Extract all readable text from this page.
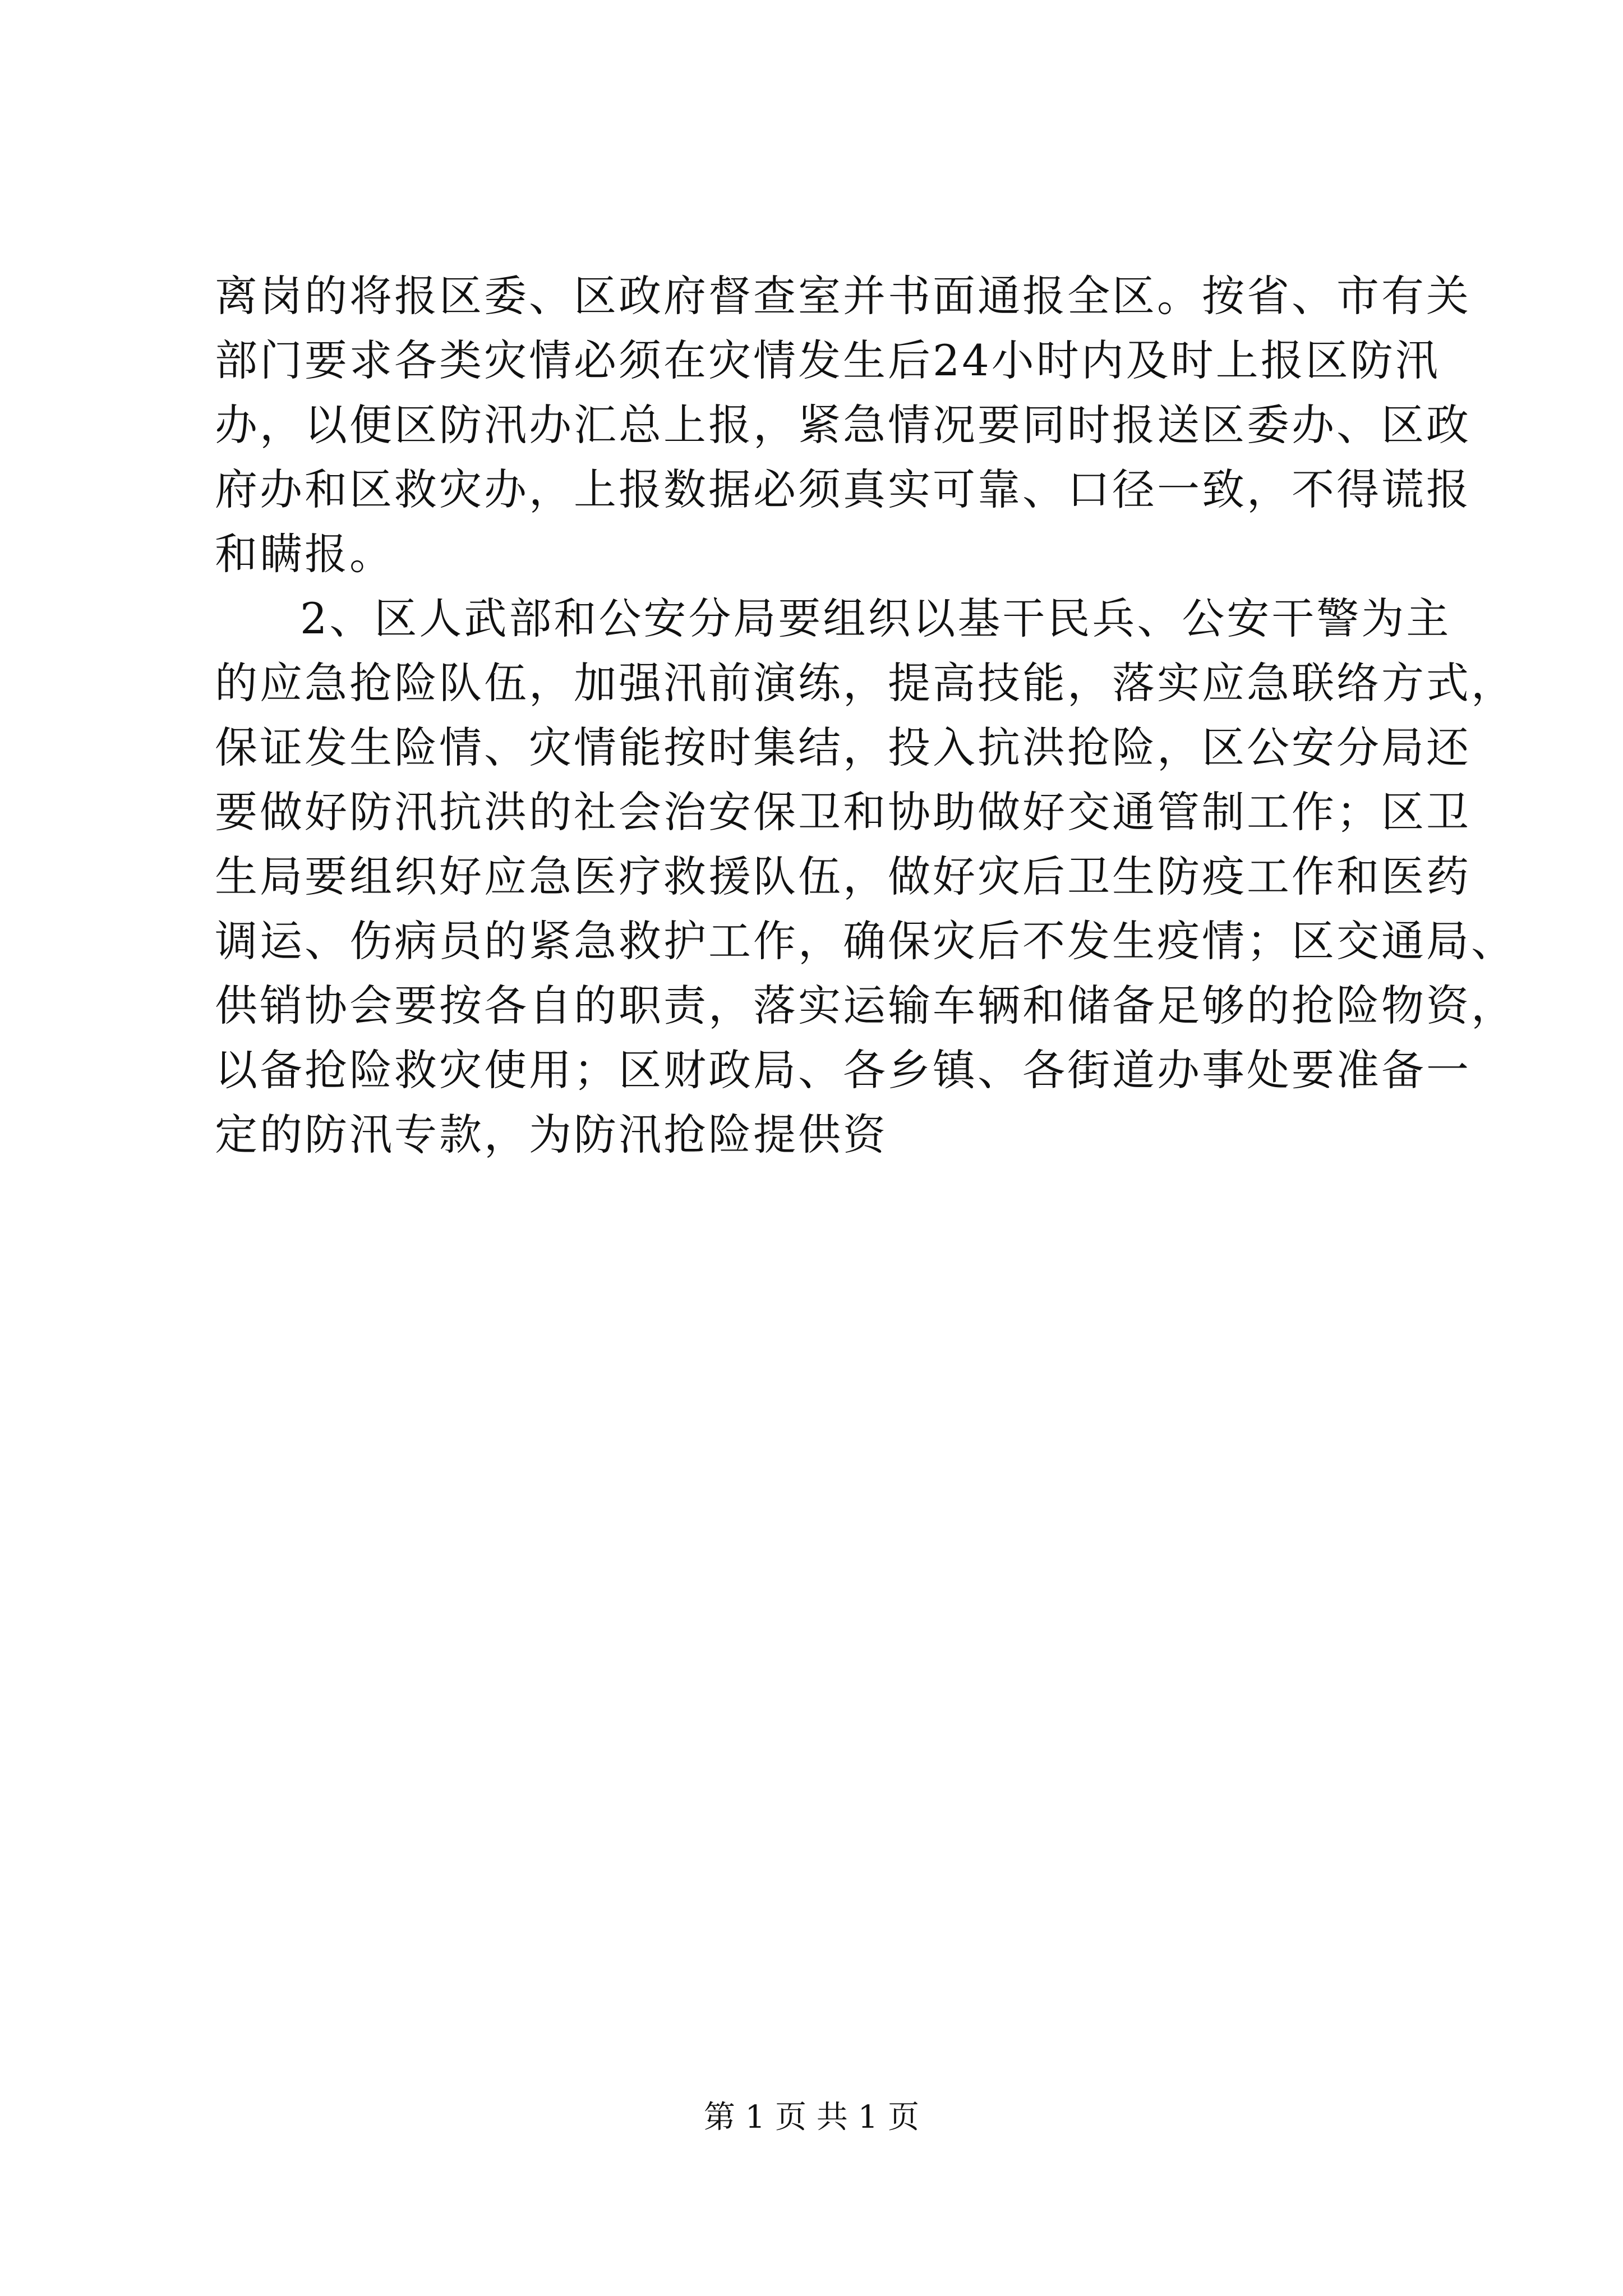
离岗的将报区委、区政府督查室并书面通报全区。按省、市有关
部门要求各类灾情必须在灾情发生后24小时内及时上报区防汛
办，以便区防汛办汇总上报，紧急情况要同时报送区委办、区政
府办和区救灾办，上报数据必须真实可靠、口径一致，不得谎报
和瞒报。

2、区人武部和公安分局要组织以基干民兵、公安干警为主
的应急抢险队伍，加强汛前演练，提高技能，落实应急联络方式，
保证发生险情、灾情能按时集结，投入抗洪抢险，区公安分局还
要做好防汛抗洪的社会治安保卫和协助做好交通管制工作；区卫
生局要组织好应急医疗救援队伍，做好灾后卫生防疫工作和医药
调运、伤病员的紧急救护工作，确保灾后不发生疫情；区交通局、
供销协会要按各自的职责，落实运输车辆和储备足够的抢险物资，
以备抢险救灾使用；区财政局、各乡镇、各街道办事处要准备一
定的防汛专款，为防汛抢险提供资

第 1 页 共 1 页
